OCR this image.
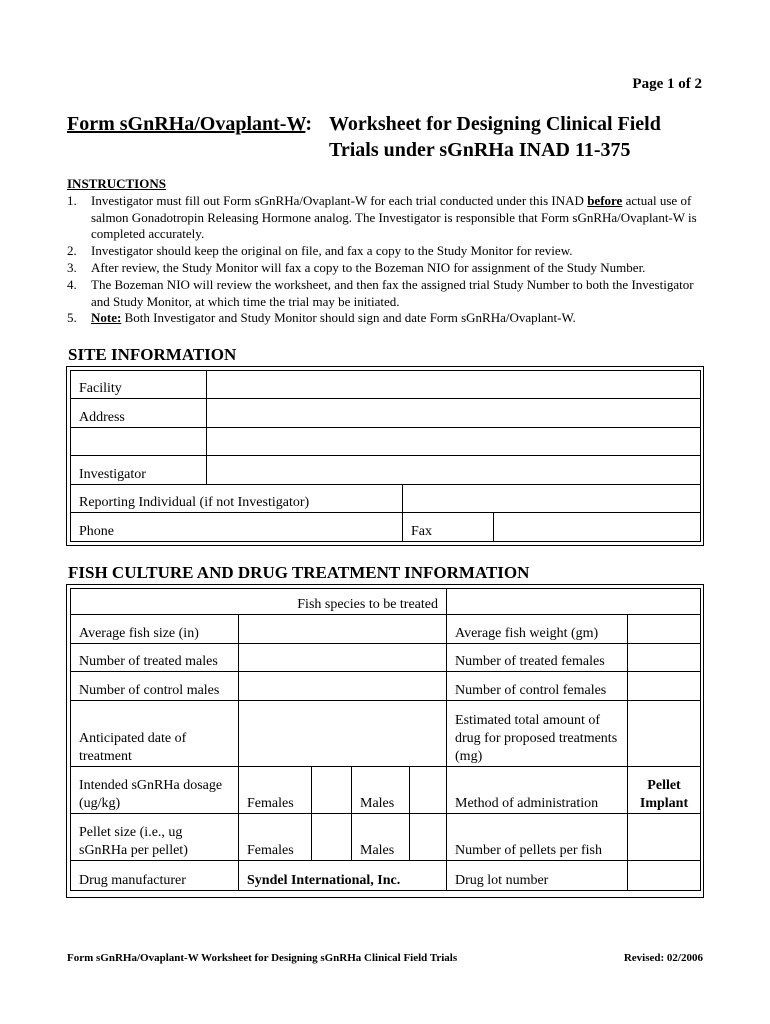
Page 1 of 2
Form sGnRHa/Ovaplant-W: Worksheet for Designing Clinical Field
Trials under sGnRHa INAD 11-375
INSTRUCTIONS
1. Investigator must fill out Form sGnRHa/Ovaplant-W for each trial conducted under this INAD before actual use of salmon Gonadotropin Releasing Hormone analog. The Investigator is responsible that Form sGnRHa/Ovaplant-W is completed accurately.
2. Investigator should keep the original on file, and fax a copy to the Study Monitor for review.
3. After review, the Study Monitor will fax a copy to the Bozeman NIO for assignment of the Study Number.
4. The Bozeman NIO will review the worksheet, and then fax the assigned trial Study Number to both the Investigator and Study Monitor, at which time the trial may be initiated.
5. Note: Both Investigator and Study Monitor should sign and date Form sGnRHa/Ovaplant-W.
SITE INFORMATION
Facility			
Address			

Investigator			
Reporting Individual (if not Investigator)			
Phone		Fax	
FISH CULTURE AND DRUG TREATMENT INFORMATION
Fish species to be treated						
Average fish size (in)					Average fish weight (gm)	
Number of treated males					Number of treated females	
Number of control males					Number of control females	
Anticipated date of treatment					Estimated total amount of drug for proposed treatments (mg)	
Intended sGnRHa dosage (ug/kg)	Females		Males		Method of administration	Pellet Implant
Pellet size (i.e., ug sGnRHa per pellet)	Females		Males		Number of pellets per fish	
Drug manufacturer	Syndel International, Inc.				Drug lot number	
Form sGnRHa/Ovaplant-W Worksheet for Designing sGnRHa Clinical Field Trials	Revised: 02/2006
